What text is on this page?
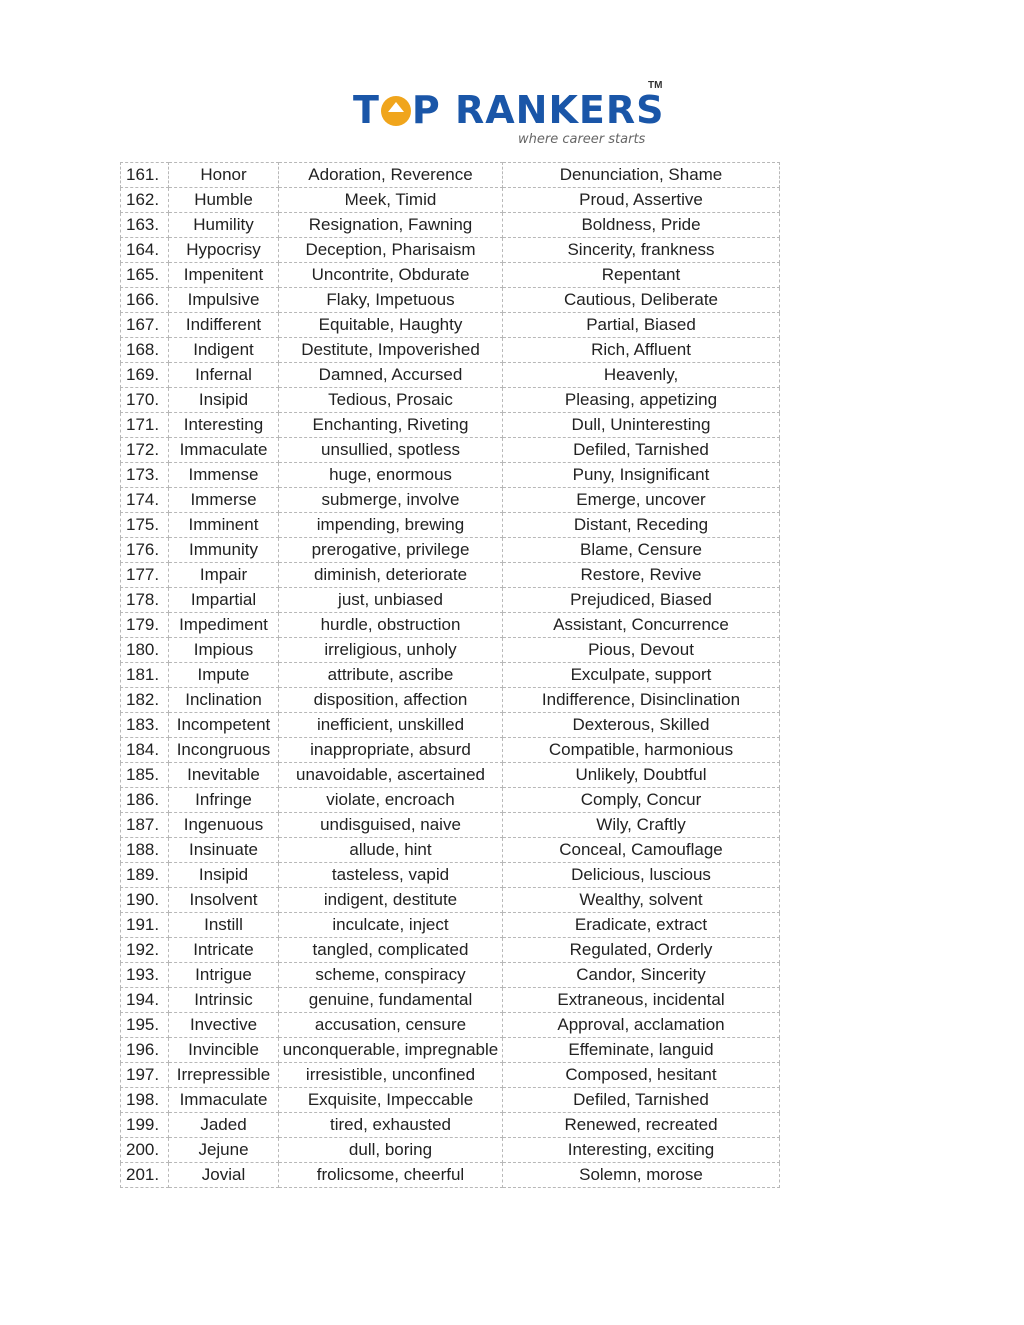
T P RANKERS
TM
where career starts
161.	Honor	Adoration, Reverence	Denunciation, Shame
162.	Humble	Meek, Timid	Proud, Assertive
163.	Humility	Resignation, Fawning	Boldness, Pride
164.	Hypocrisy	Deception, Pharisaism	Sincerity, frankness
165.	Impenitent	Uncontrite, Obdurate	Repentant
166.	Impulsive	Flaky, Impetuous	Cautious, Deliberate
167.	Indifferent	Equitable, Haughty	Partial, Biased
168.	Indigent	Destitute, Impoverished	Rich, Affluent
169.	Infernal	Damned, Accursed	Heavenly,
170.	Insipid	Tedious, Prosaic	Pleasing, appetizing
171.	Interesting	Enchanting, Riveting	Dull, Uninteresting
172.	Immaculate	unsullied, spotless	Defiled, Tarnished
173.	Immense	huge, enormous	Puny, Insignificant
174.	Immerse	submerge, involve	Emerge, uncover
175.	Imminent	impending, brewing	Distant, Receding
176.	Immunity	prerogative, privilege	Blame, Censure
177.	Impair	diminish, deteriorate	Restore, Revive
178.	Impartial	just, unbiased	Prejudiced, Biased
179.	Impediment	hurdle, obstruction	Assistant, Concurrence
180.	Impious	irreligious, unholy	Pious, Devout
181.	Impute	attribute, ascribe	Exculpate, support
182.	Inclination	disposition, affection	Indifference, Disinclination
183.	Incompetent	inefficient, unskilled	Dexterous, Skilled
184.	Incongruous	inappropriate, absurd	Compatible, harmonious
185.	Inevitable	unavoidable, ascertained	Unlikely, Doubtful
186.	Infringe	violate, encroach	Comply, Concur
187.	Ingenuous	undisguised, naive	Wily, Craftly
188.	Insinuate	allude, hint	Conceal, Camouflage
189.	Insipid	tasteless, vapid	Delicious, luscious
190.	Insolvent	indigent, destitute	Wealthy, solvent
191.	Instill	inculcate, inject	Eradicate, extract
192.	Intricate	tangled, complicated	Regulated, Orderly
193.	Intrigue	scheme, conspiracy	Candor, Sincerity
194.	Intrinsic	genuine, fundamental	Extraneous, incidental
195.	Invective	accusation, censure	Approval, acclamation
196.	Invincible	unconquerable, impregnable	Effeminate, languid
197.	Irrepressible	irresistible, unconfined	Composed, hesitant
198.	Immaculate	Exquisite, Impeccable	Defiled, Tarnished
199.	Jaded	tired, exhausted	Renewed, recreated
200.	Jejune	dull, boring	Interesting, exciting
201.	Jovial	frolicsome, cheerful	Solemn, morose
